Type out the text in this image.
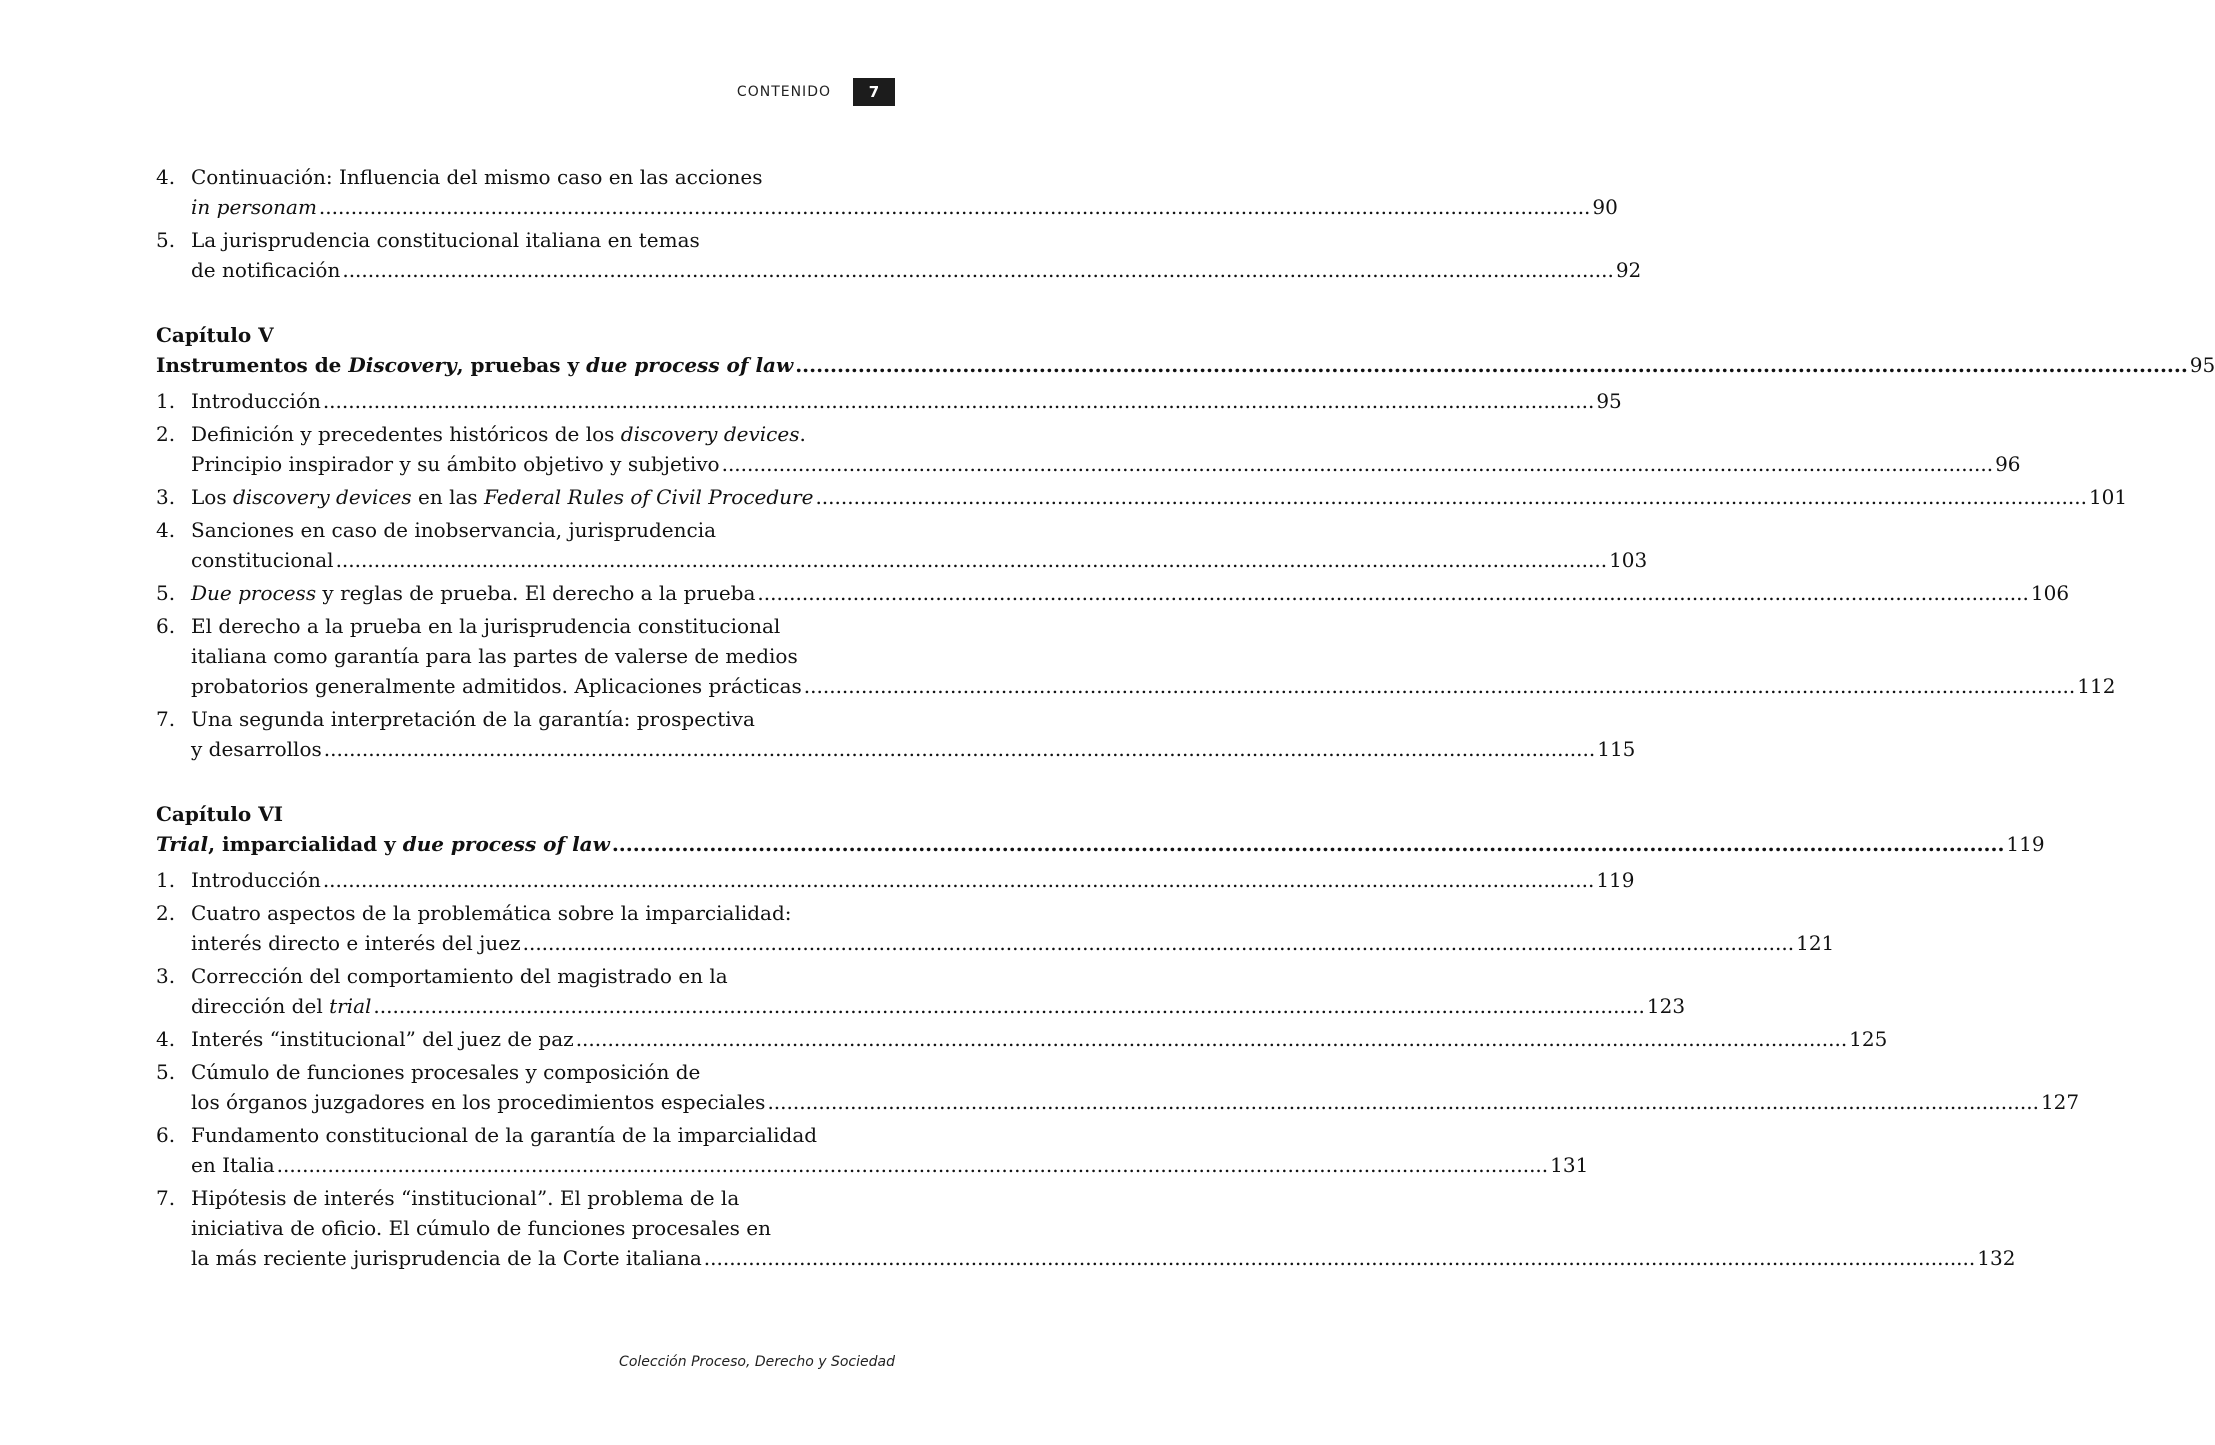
CONTENIDO	7
4. Continuación: Influencia del mismo caso en las acciones
in personam .....	90
5. La jurisprudencia constitucional italiana en temas
de notificación .....	92
Capítulo V
Instrumentos de Discovery, pruebas y due process of law .....	95
1. Introducción .....	95
2. Definición y precedentes históricos de los discovery devices.
Principio inspirador y su ámbito objetivo y subjetivo .....	96
3. Los discovery devices en las Federal Rules of Civil Procedure .....	101
4. Sanciones en caso de inobservancia, jurisprudencia
constitucional .....	103
5. Due process y reglas de prueba. El derecho a la prueba .....	106
6. El derecho a la prueba en la jurisprudencia constitucional
italiana como garantía para las partes de valerse de medios
probatorios generalmente admitidos. Aplicaciones prácticas .....	112
7. Una segunda interpretación de la garantía: prospectiva
y desarrollos .....	115
Capítulo VI
Trial, imparcialidad y due process of law .....	119
1. Introducción .....	119
2. Cuatro aspectos de la problemática sobre la imparcialidad:
interés directo e interés del juez .....	121
3. Corrección del comportamiento del magistrado en la
dirección del trial .....	123
4. Interés “institucional” del juez de paz .....	125
5. Cúmulo de funciones procesales y composición de
los órganos juzgadores en los procedimientos especiales .....	127
6. Fundamento constitucional de la garantía de la imparcialidad
en Italia .....	131
7. Hipótesis de interés “institucional”. El problema de la
iniciativa de oficio. El cúmulo de funciones procesales en
la más reciente jurisprudencia de la Corte italiana .....	132
Colección Proceso, Derecho y Sociedad
